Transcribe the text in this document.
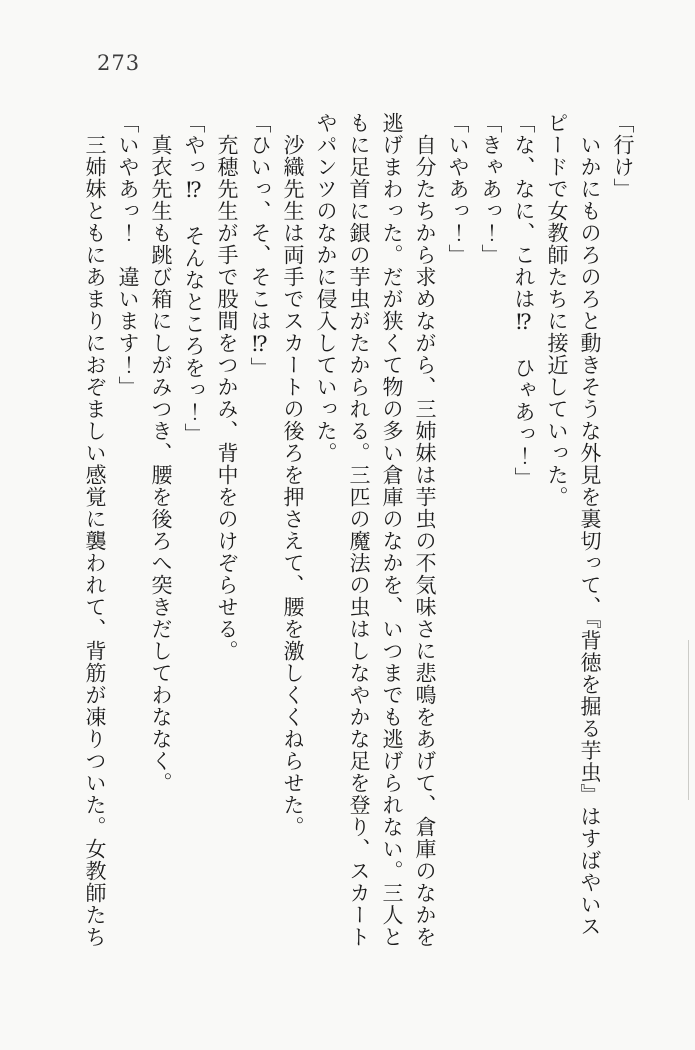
273
「行け」
　いかにものろのろと動きそうな外見を裏切って、『背徳を掘る芋虫』はすばやいス
ピードで女教師たちに接近していった。
「な、なに、これは⁉　ひゃあっ！」
「きゃあっ！」
「いやあっ！」
　自分たちから求めながら、三姉妹は芋虫の不気味さに悲鳴をあげて、倉庫のなかを
逃げまわった。だが狭くて物の多い倉庫のなかを、いつまでも逃げられない。三人と
もに足首に銀の芋虫がたかられる。三匹の魔法の虫はしなやかな足を登り、スカート
やパンツのなかに侵入していった。
　沙織先生は両手でスカートの後ろを押さえて、腰を激しくくねらせた。
「ひいっ、そ、そこは⁉」
　充穂先生が手で股間をつかみ、背中をのけぞらせる。
「やっ⁉　そんなところをっ！」
　真衣先生も跳び箱にしがみつき、腰を後ろへ突きだしてわななく。
「いやあっ！　違います！」
　三姉妹ともにあまりにおぞましい感覚に襲われて、背筋が凍りついた。女教師たち
